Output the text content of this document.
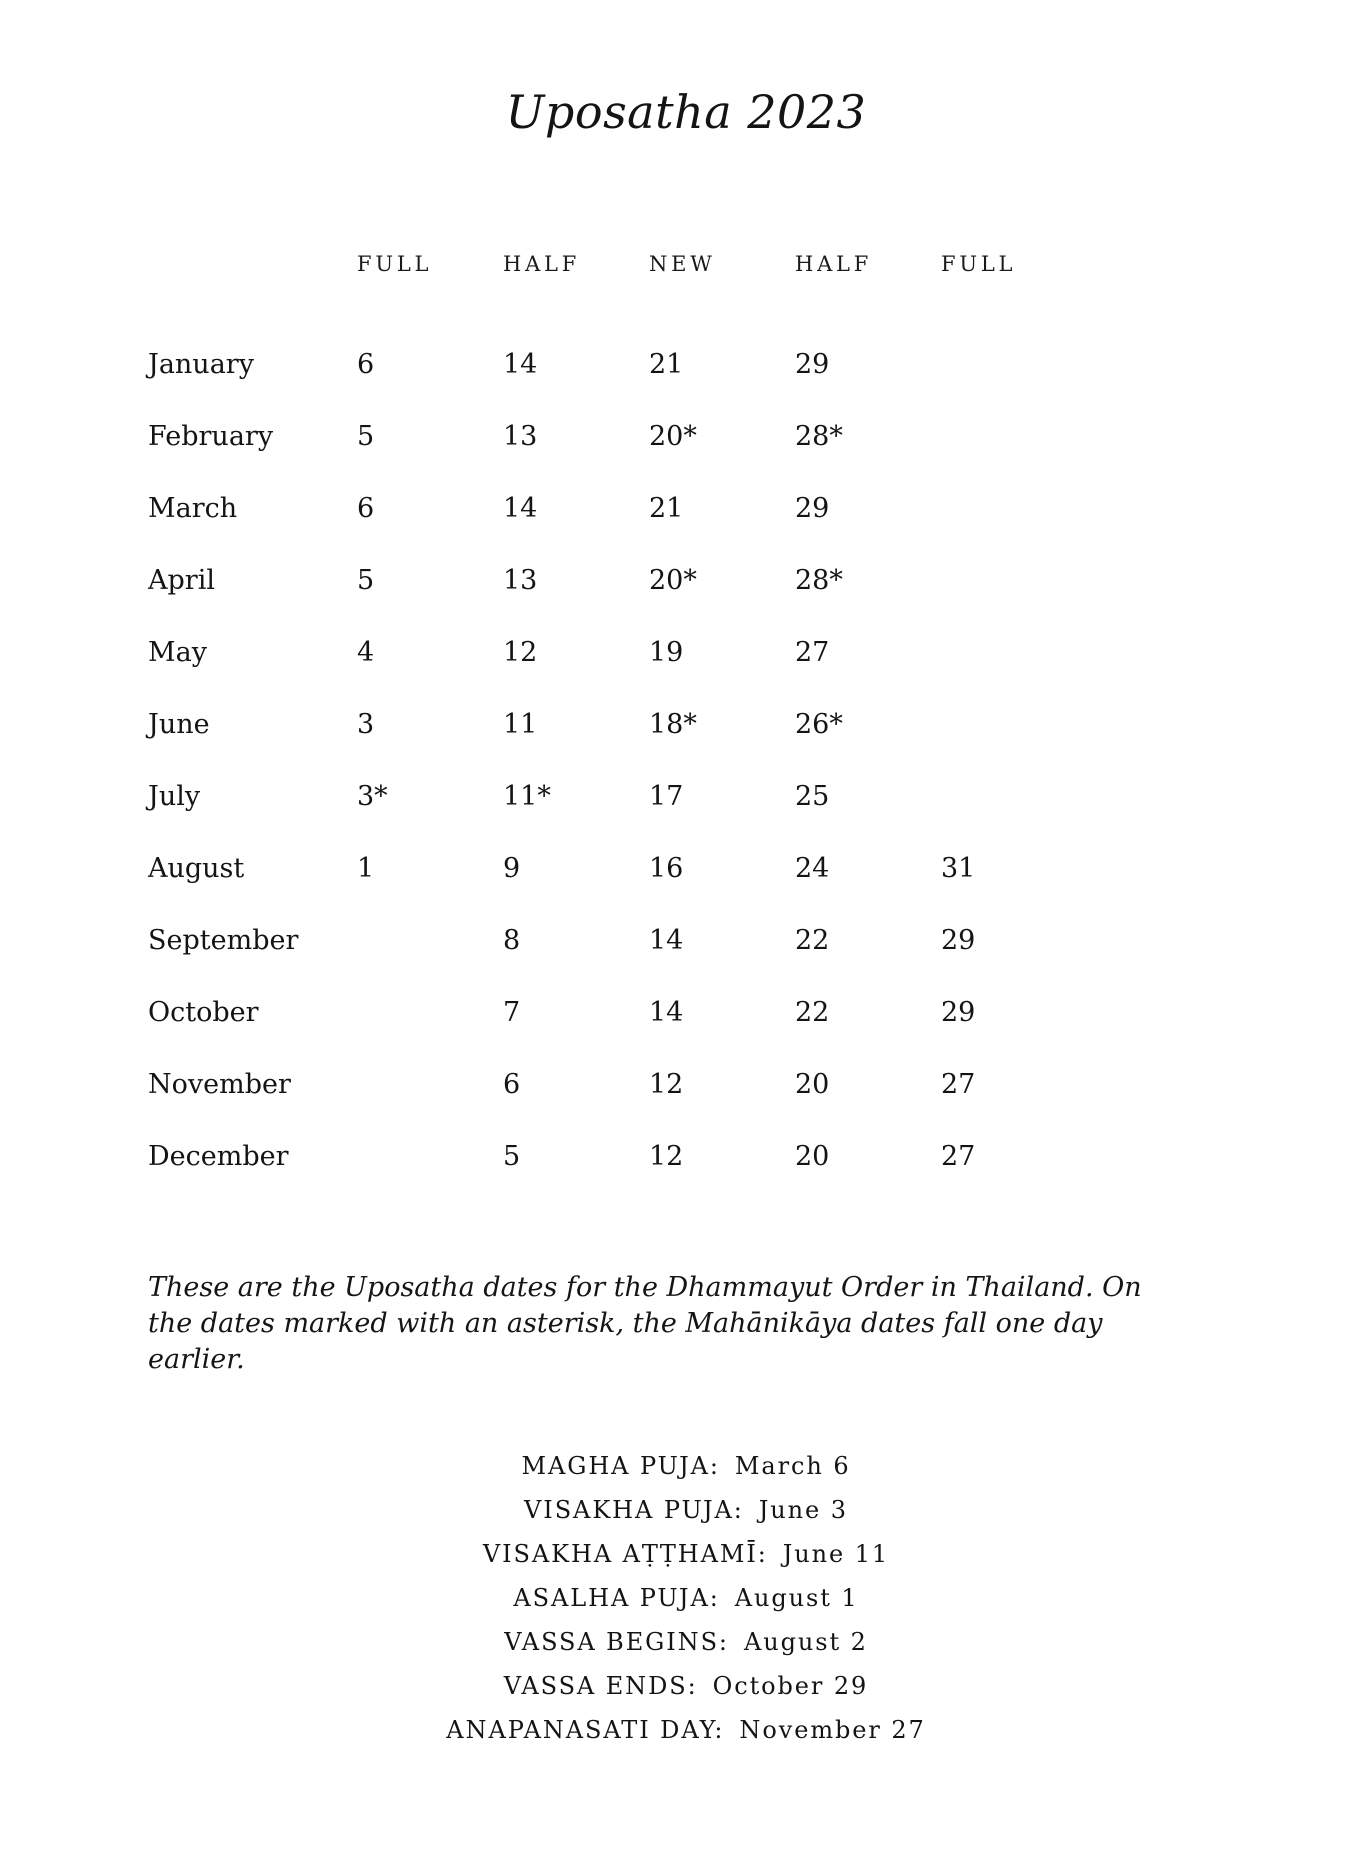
Uposatha 2023
	FULL	HALF	NEW	HALF	FULL
January	6	14	21	29	
February	5	13	20*	28*	
March	6	14	21	29	
April	5	13	20*	28*	
May	4	12	19	27	
June	3	11	18*	26*	
July	3*	11*	17	25	
August	1	9	16	24	31
September		8	14	22	29
October		7	14	22	29
November		6	12	20	27
December		5	12	20	27

These are the Uposatha dates for the Dhammayut Order in Thailand. On the dates marked with an asterisk, the Mahānikāya dates fall one day earlier.

MAGHA PUJA: March 6
VISAKHA PUJA: June 3
VISAKHA AṬṬHAMĪ: June 11
ASALHA PUJA: August 1
VASSA BEGINS: August 2
VASSA ENDS: October 29
ANAPANASATI DAY: November 27
